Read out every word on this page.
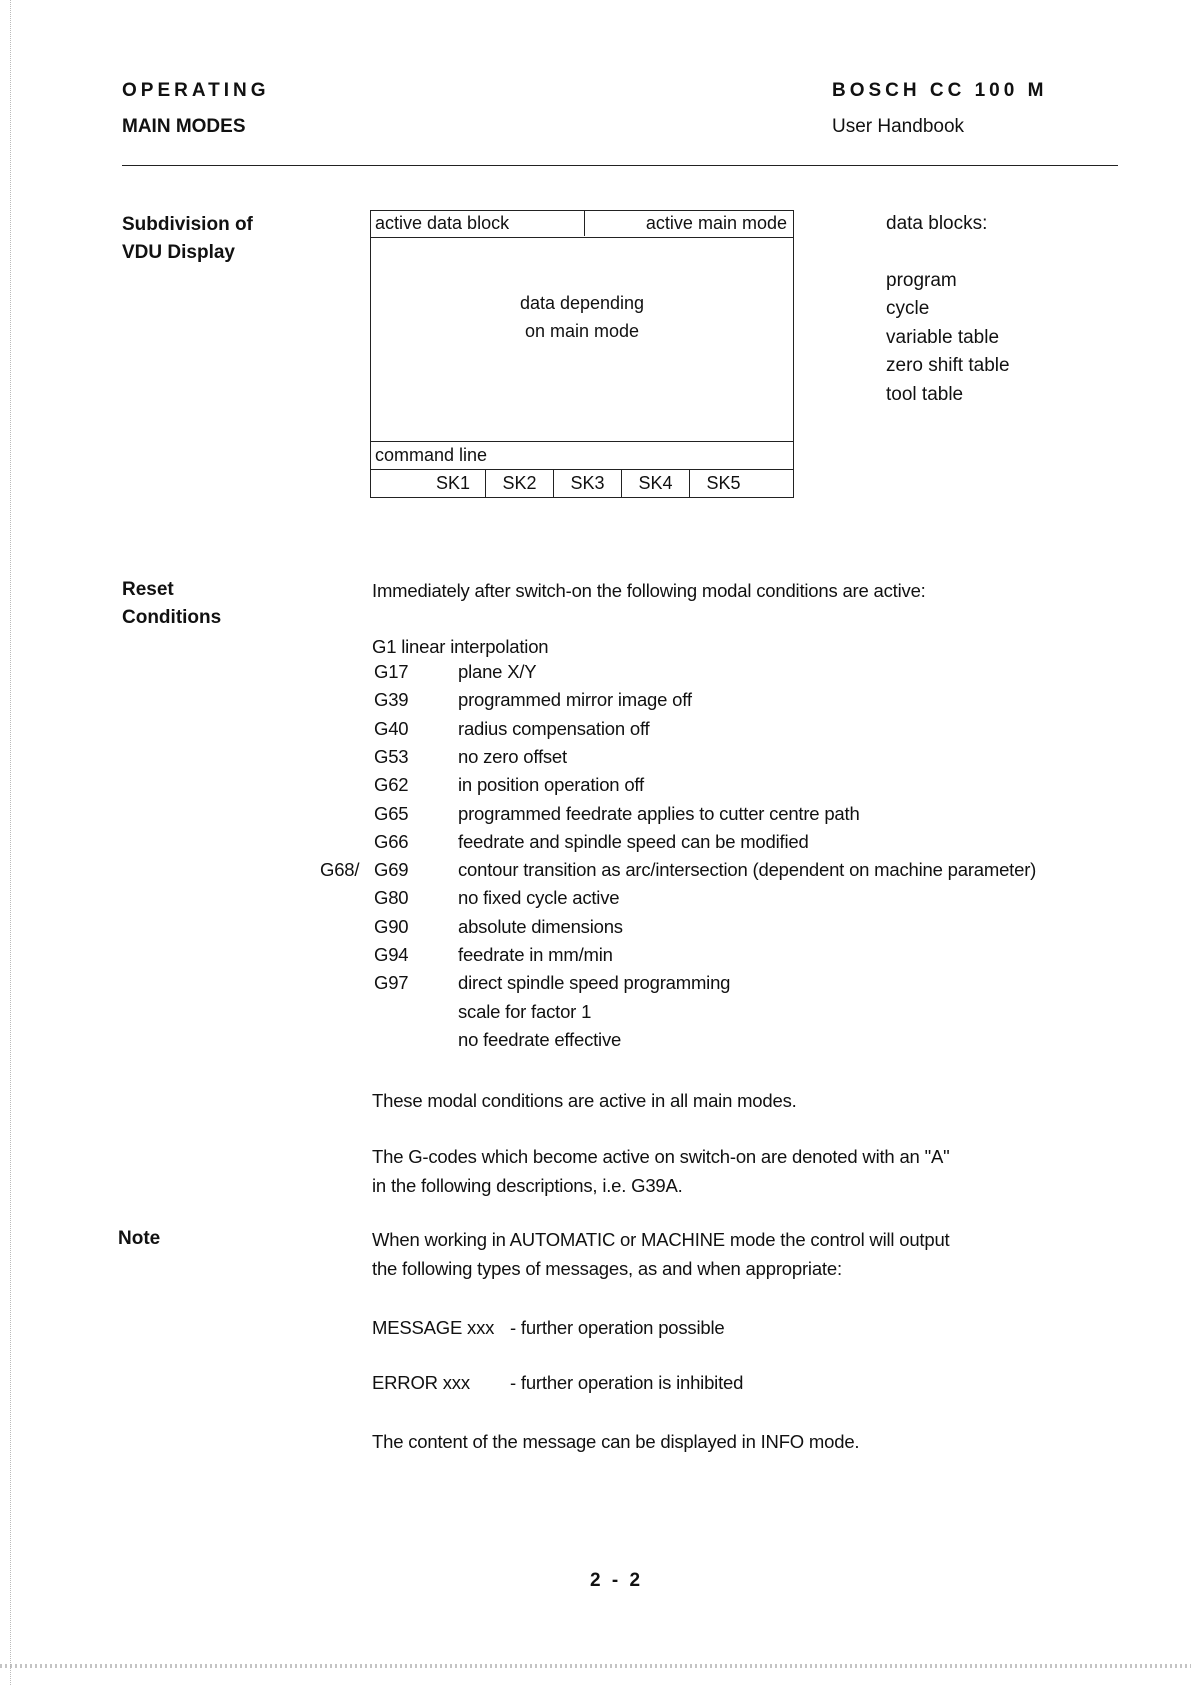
OPERATING
MAIN MODES
BOSCH CC 100 M
User Handbook
Subdivision of
VDU Display
active data block	active main mode
data depending
on main mode
command line
SK1	SK2	SK3	SK4	SK5
data blocks:
program
cycle
variable table
zero shift table
tool table
Reset
Conditions
Immediately after switch-on the following modal conditions are active:
G1 linear interpolation
G17	plane X/Y
G39	programmed mirror image off
G40	radius compensation off
G53	no zero offset
G62	in position operation off
G65	programmed feedrate applies to cutter centre path
G66	feedrate and spindle speed can be modified
G68/ G69	contour transition as arc/intersection (dependent on machine parameter)
G80	no fixed cycle active
G90	absolute dimensions
G94	feedrate in mm/min
G97	direct spindle speed programming
scale for factor 1
no feedrate effective
These modal conditions are active in all main modes.
The G-codes which become active on switch-on are denoted with an "A"
in the following descriptions, i.e. G39A.
Note	When working in AUTOMATIC or MACHINE mode the control will output
the following types of messages, as and when appropriate:
MESSAGE xxx - further operation possible
ERROR xxx - further operation is inhibited
The content of the message can be displayed in INFO mode.
2 - 2
